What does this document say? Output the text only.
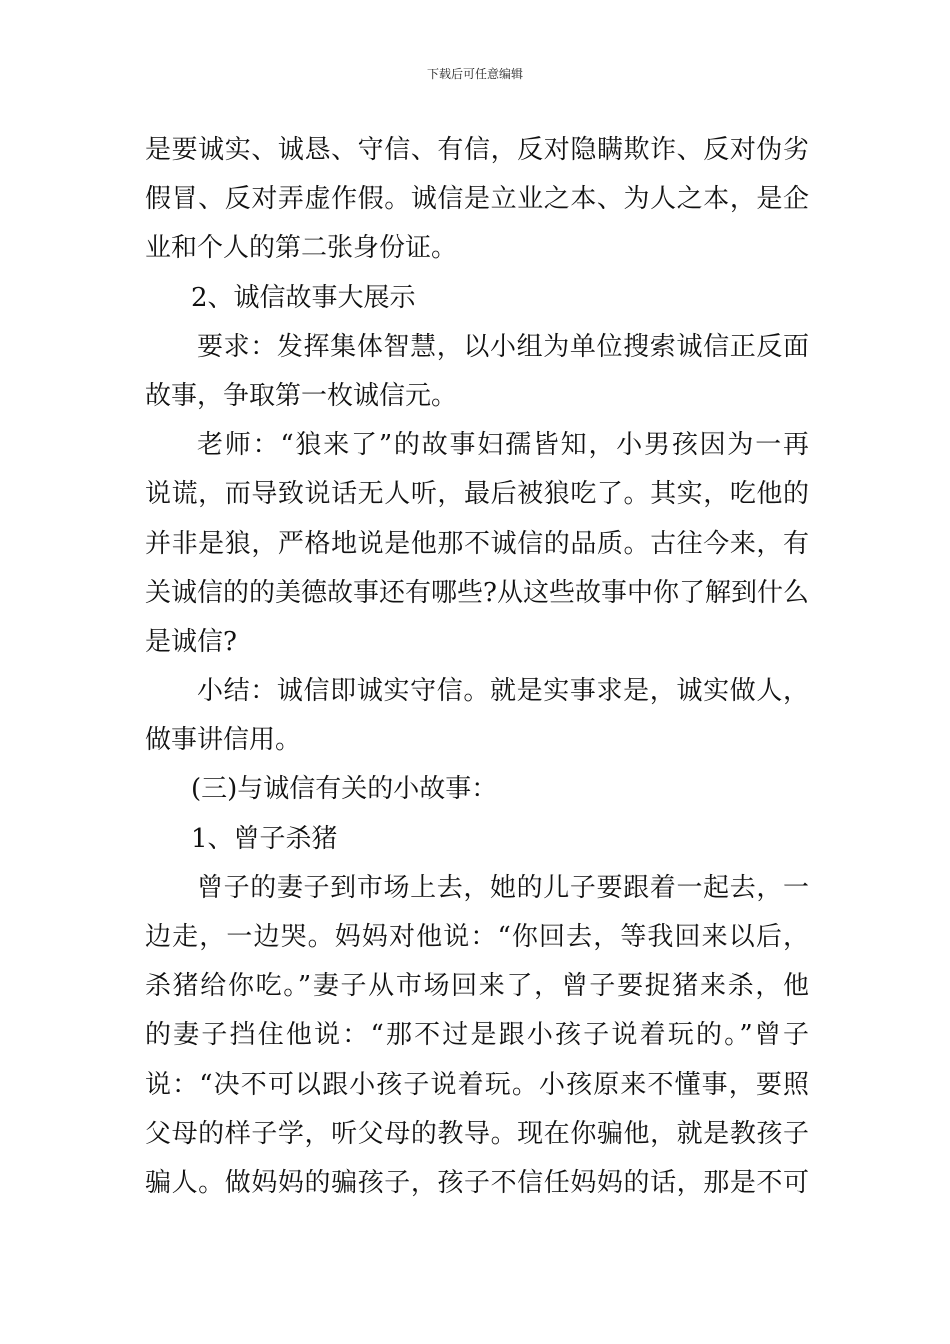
下载后可任意编辑
是要诚实、诚恳、守信、有信，反对隐瞒欺诈、反对伪劣
假冒、反对弄虚作假。诚信是立业之本、为人之本，是企
业和个人的第二张身份证。
2、诚信故事大展示
要求：发挥集体智慧，以小组为单位搜索诚信正反面
故事，争取第一枚诚信元。
老师：“狼来了”的故事妇孺皆知，小男孩因为一再
说谎，而导致说话无人听，最后被狼吃了。其实，吃他的
并非是狼，严格地说是他那不诚信的品质。古往今来，有
关诚信的的美德故事还有哪些?从这些故事中你了解到什么
是诚信?
小结：诚信即诚实守信。就是实事求是，诚实做人，
做事讲信用。
(三)与诚信有关的小故事：
1、曾子杀猪
曾子的妻子到市场上去，她的儿子要跟着一起去，一
边走，一边哭。妈妈对他说：“你回去，等我回来以后，
杀猪给你吃。”妻子从市场回来了，曾子要捉猪来杀，他
的妻子挡住他说：“那不过是跟小孩子说着玩的。”曾子
说：“决不可以跟小孩子说着玩。小孩原来不懂事，要照
父母的样子学，听父母的教导。现在你骗他，就是教孩子
骗人。做妈妈的骗孩子，孩子不信任妈妈的话，那是不可
